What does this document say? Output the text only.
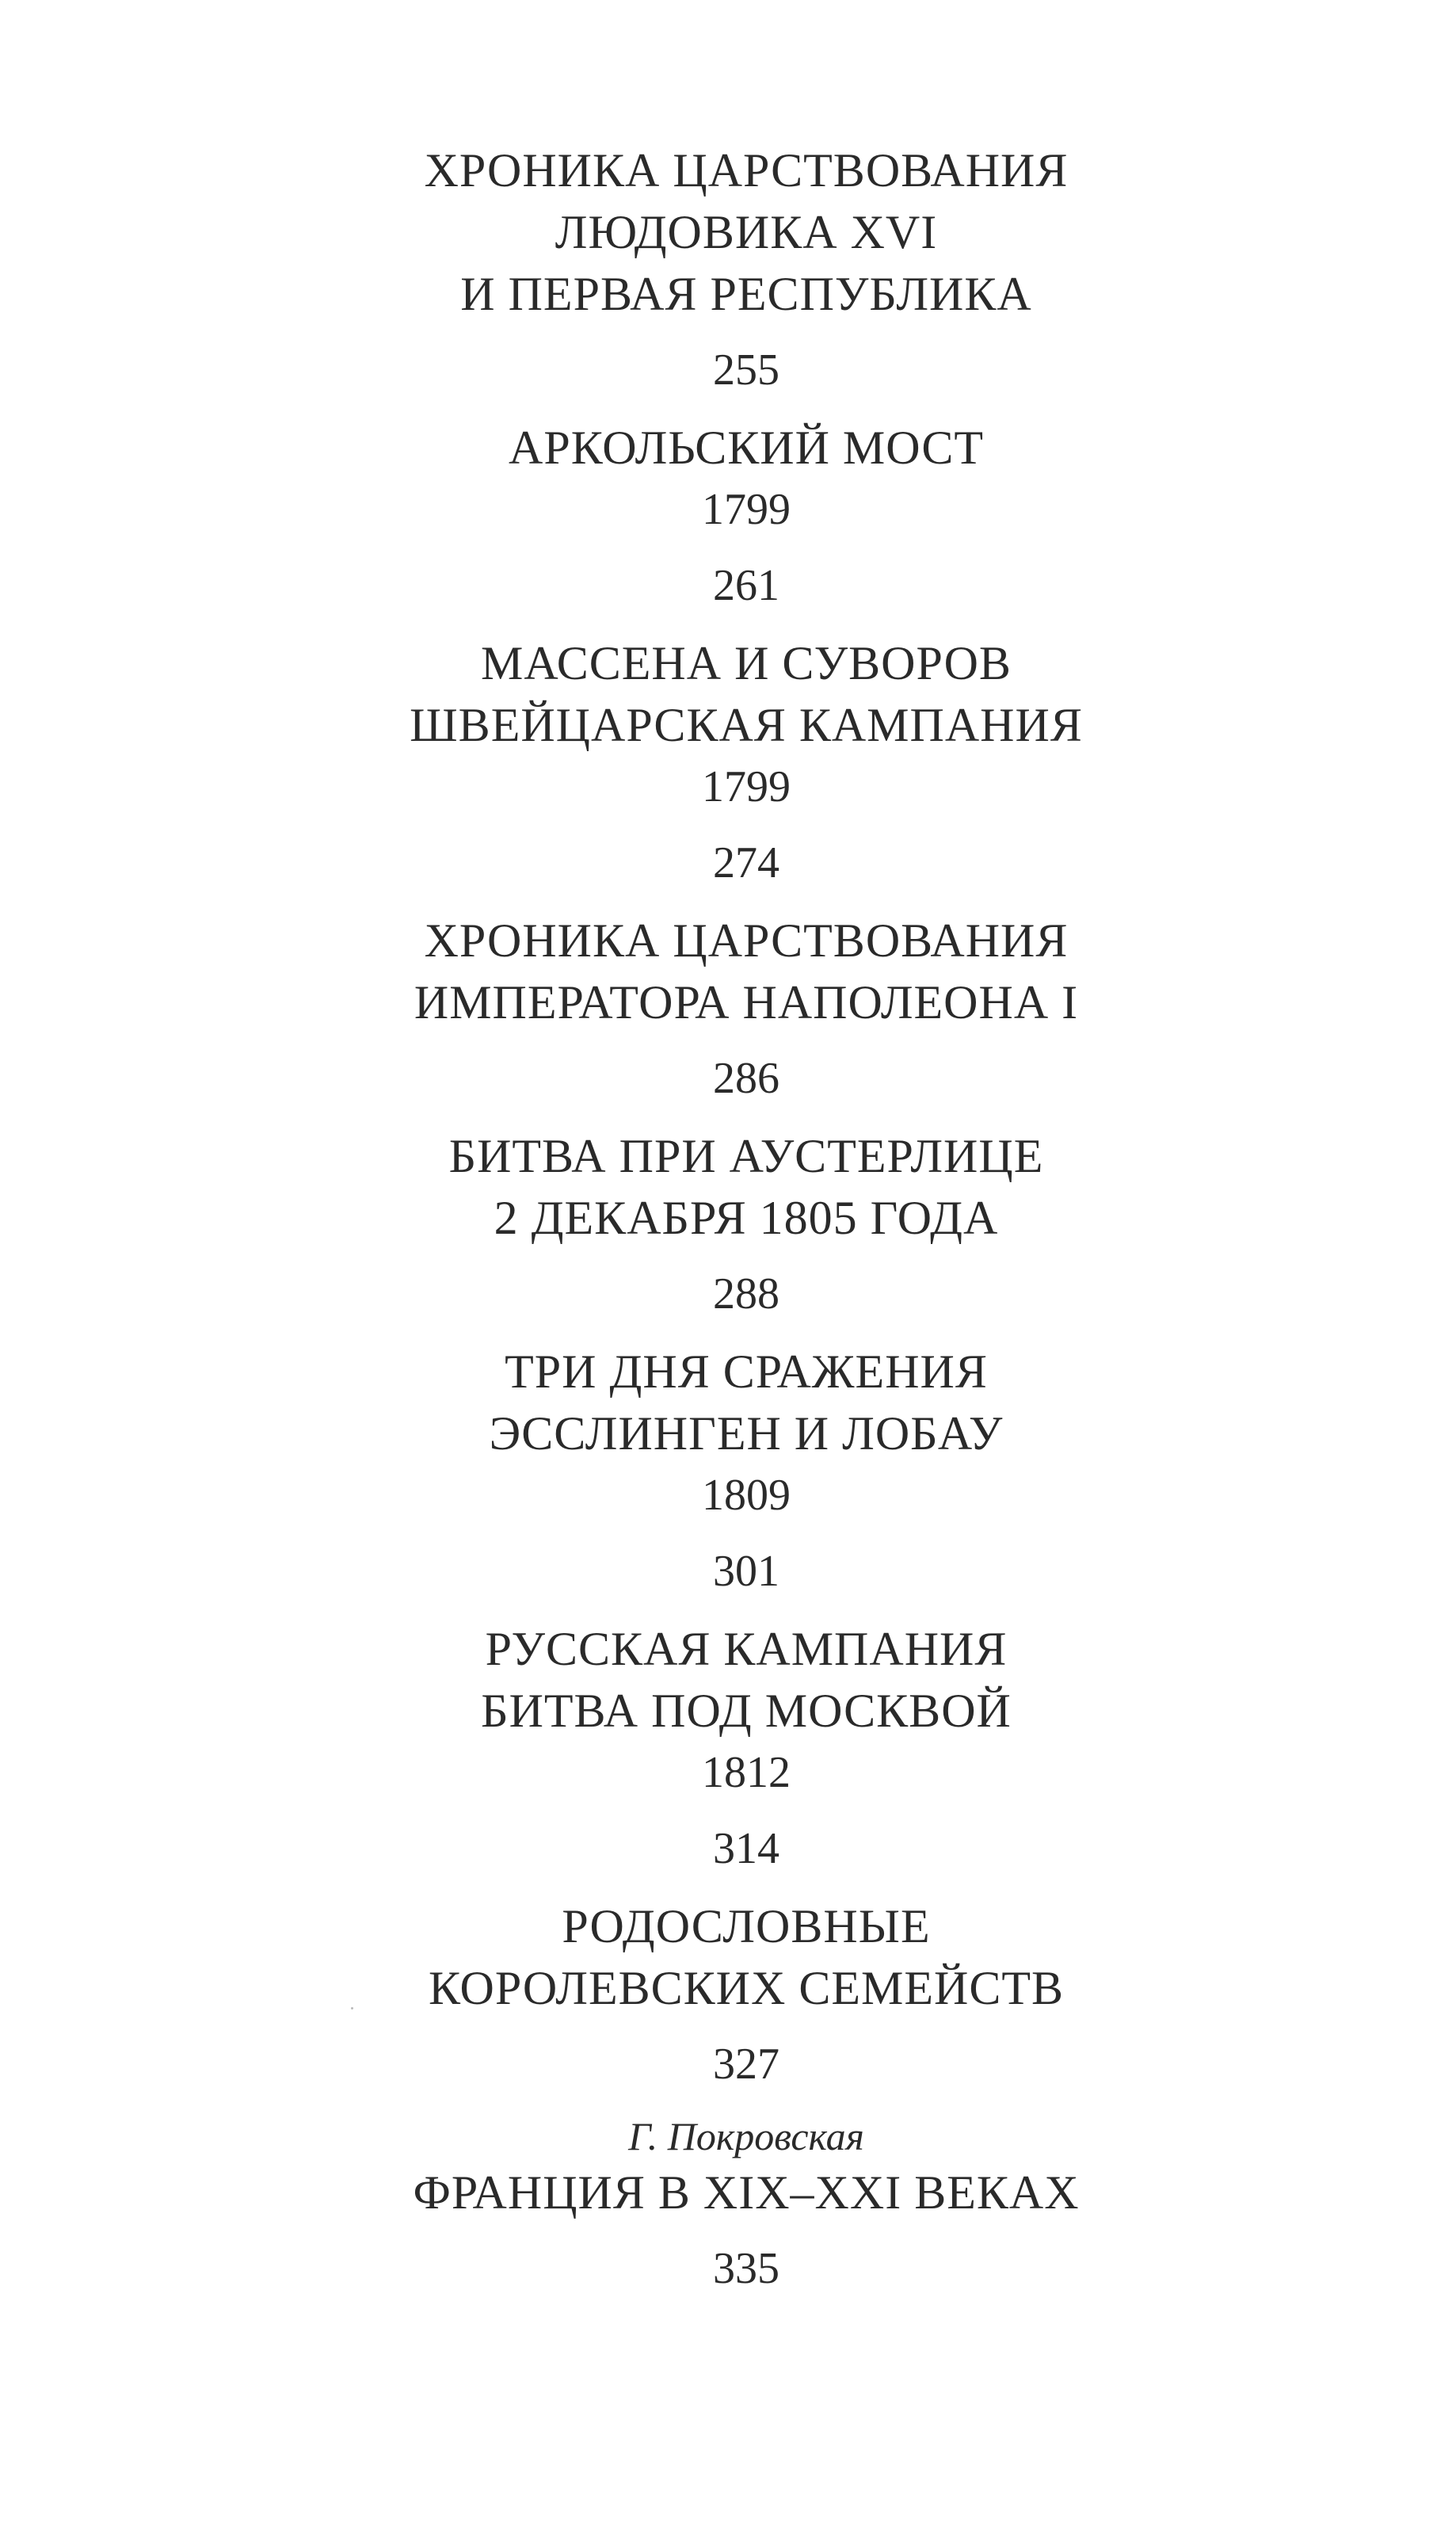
ХРОНИКА ЦАРСТВОВАНИЯ
ЛЮДОВИКА XVI
И ПЕРВАЯ РЕСПУБЛИКА
255
АРКОЛЬСКИЙ МОСТ
1799
261
МАССЕНА И СУВОРОВ
ШВЕЙЦАРСКАЯ КАМПАНИЯ
1799
274
ХРОНИКА ЦАРСТВОВАНИЯ
ИМПЕРАТОРА НАПОЛЕОНА I
286
БИТВА ПРИ АУСТЕРЛИЦЕ
2 ДЕКАБРЯ 1805 ГОДА
288
ТРИ ДНЯ СРАЖЕНИЯ
ЭССЛИНГЕН И ЛОБАУ
1809
301
РУССКАЯ КАМПАНИЯ
БИТВА ПОД МОСКВОЙ
1812
314
РОДОСЛОВНЫЕ
КОРОЛЕВСКИХ СЕМЕЙСТВ
327
Г. Покровская
ФРАНЦИЯ В XIX–XXI ВЕКАХ
335
